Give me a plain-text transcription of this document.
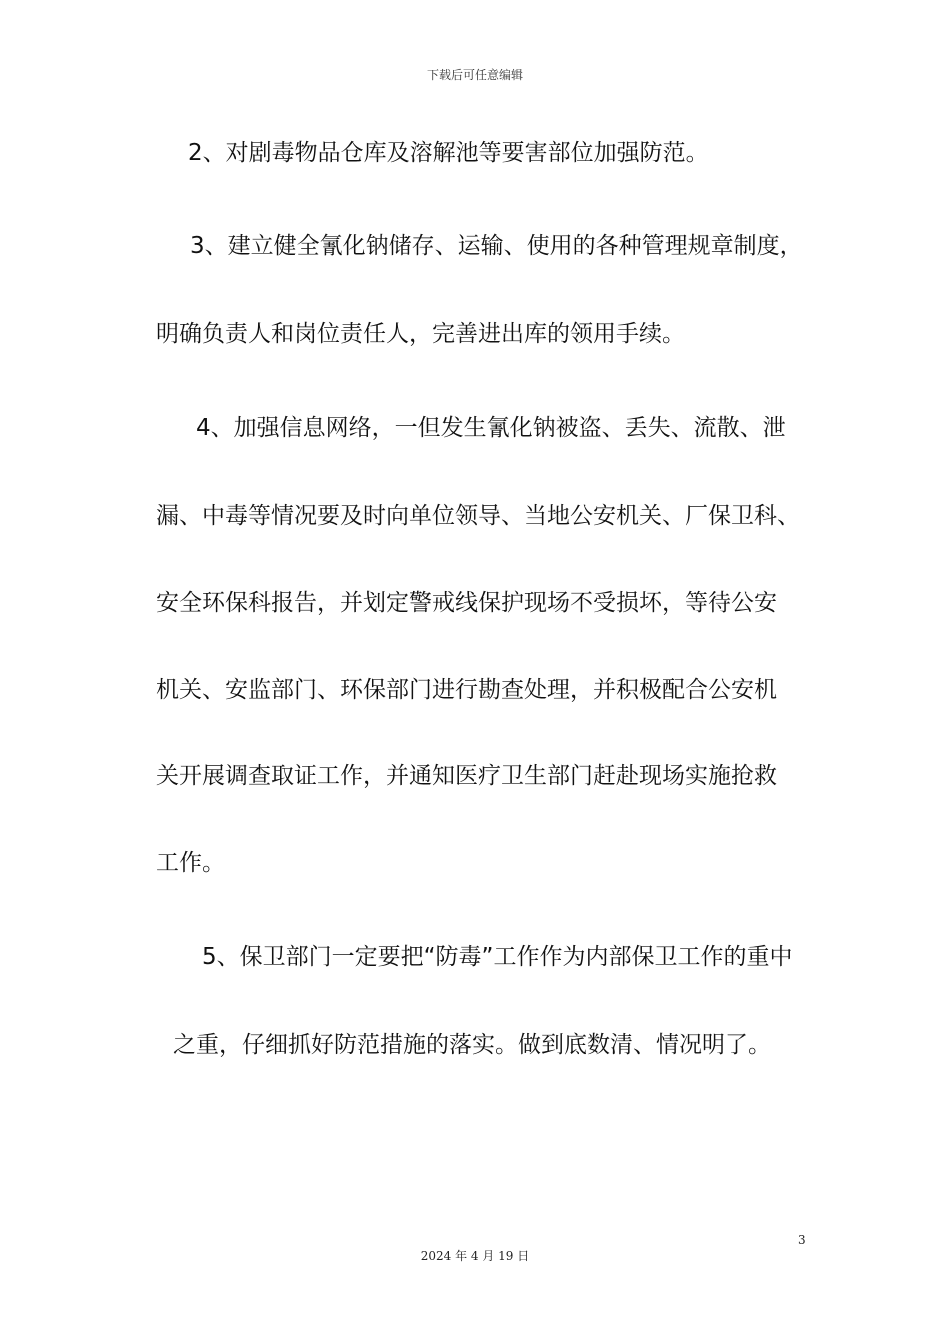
下载后可任意编辑
2、对剧毒物品仓库及溶解池等要害部位加强防范。
3、建立健全氰化钠储存、运输、使用的各种管理规章制度，
明确负责人和岗位责任人，完善进出库的领用手续。
4、加强信息网络，一但发生氰化钠被盗、丢失、流散、泄
漏、中毒等情况要及时向单位领导、当地公安机关、厂保卫科、
安全环保科报告，并划定警戒线保护现场不受损坏，等待公安
机关、安监部门、环保部门进行勘查处理，并积极配合公安机
关开展调查取证工作，并通知医疗卫生部门赶赴现场实施抢救
工作。
5、保卫部门一定要把“防毒”工作作为内部保卫工作的重中
之重，仔细抓好防范措施的落实。做到底数清、情况明了。
3
2024 年 4 月 19 日
